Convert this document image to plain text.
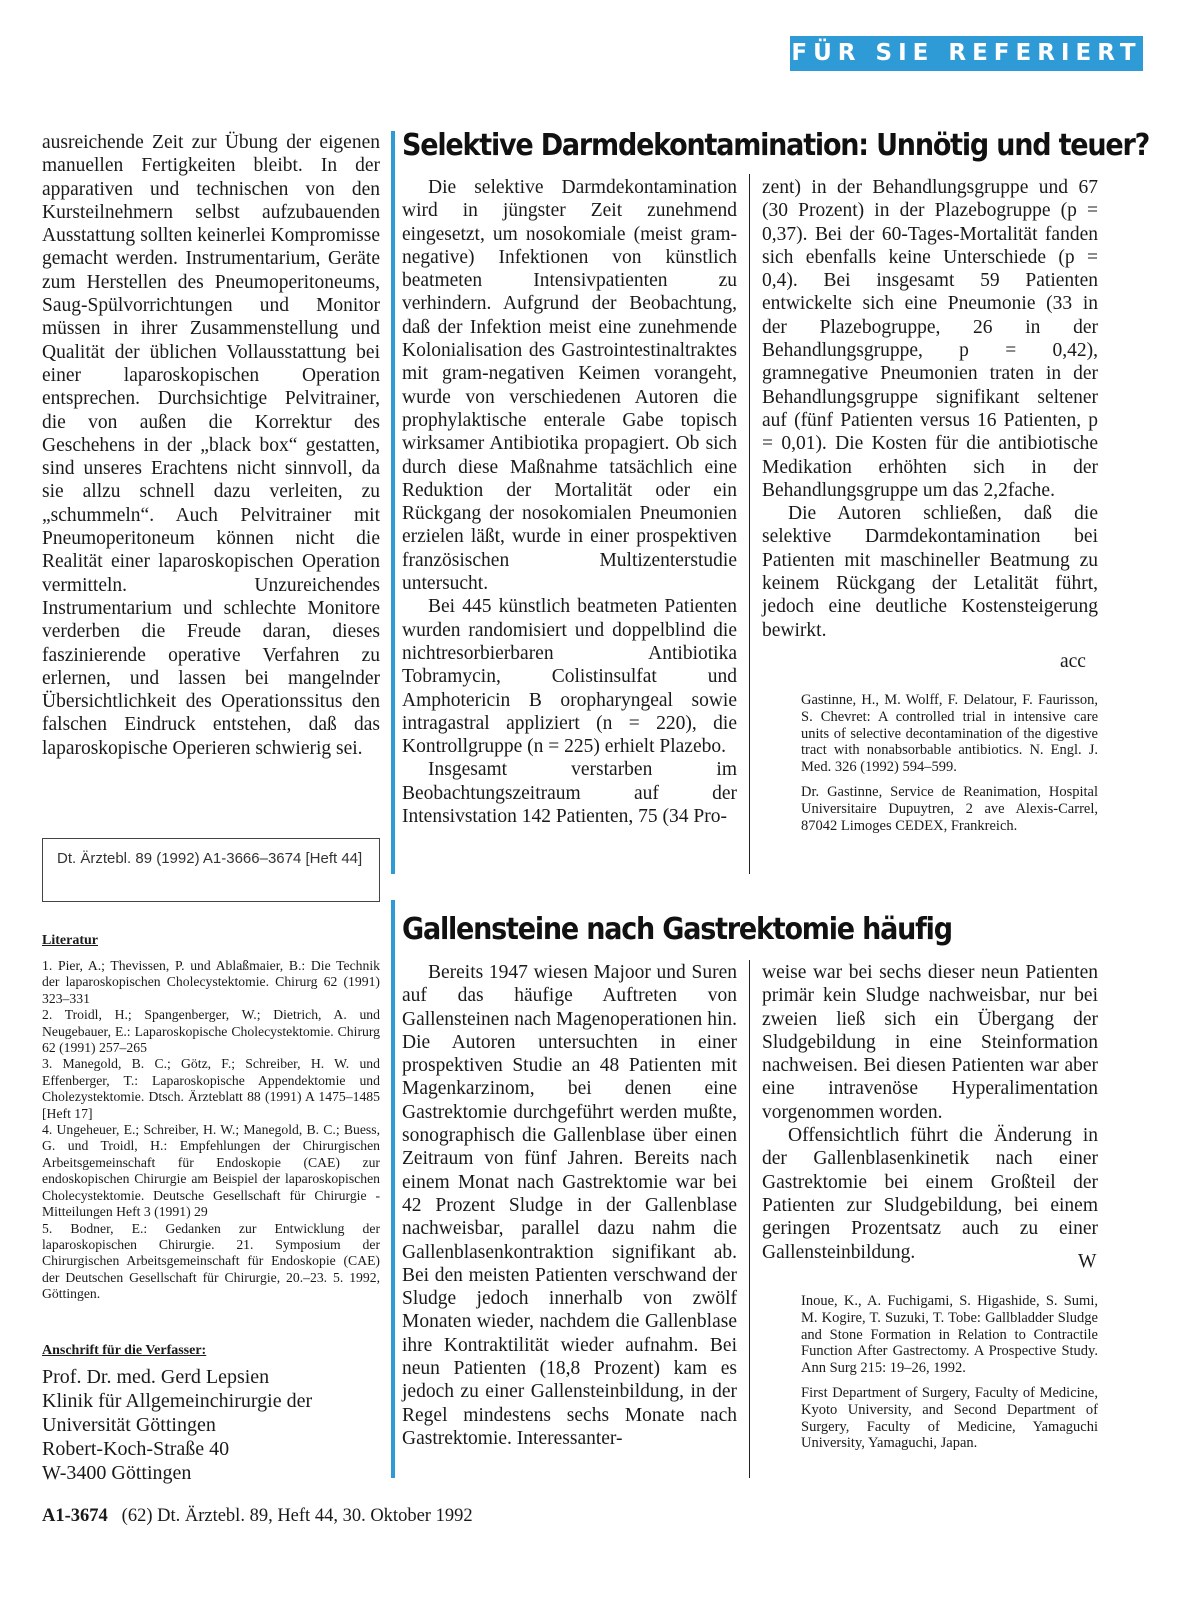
FÜR SIE REFERIERT

ausreichende Zeit zur Übung der eigenen manuellen Fertigkeiten bleibt. In der apparativen und technischen von den Kursteilnehmern selbst aufzubauenden Ausstattung sollten keinerlei Kompromisse gemacht werden. Instrumentarium, Geräte zum Herstellen des Pneumoperitoneums, Saug-Spülvorrichtungen und Monitor müssen in ihrer Zusammenstellung und Qualität der üblichen Vollausstattung bei einer laparoskopischen Operation entsprechen. Durchsichtige Pelvitrainer, die von außen die Korrektur des Geschehens in der „black box“ gestatten, sind unseres Erachtens nicht sinnvoll, da sie allzu schnell dazu verleiten, zu „schummeln“. Auch Pelvitrainer mit Pneumoperitoneum können nicht die Realität einer laparoskopischen Operation vermitteln. Unzureichendes Instrumentarium und schlechte Monitore verderben die Freude daran, dieses faszinierende operative Verfahren zu erlernen, und lassen bei mangelnder Übersichtlichkeit des Operationssitus den falschen Eindruck entstehen, daß das laparoskopische Operieren schwierig sei.

Dt. Ärztebl. 89 (1992) A1-3666–3674 [Heft 44]
Literatur

1. Pier, A.; Thevissen, P. und Ablaßmaier, B.: Die Technik der laparoskopischen Cholecystektomie. Chirurg 62 (1991) 323–331

2. Troidl, H.; Spangenberger, W.; Dietrich, A. und Neugebauer, E.: Laparoskopische Cholecystektomie. Chirurg 62 (1991) 257–265

3. Manegold, B. C.; Götz, F.; Schreiber, H. W. und Effenberger, T.: Laparoskopische Appendektomie und Cholezystektomie. Dtsch. Ärzteblatt 88 (1991) A 1475–1485 [Heft 17]

4. Ungeheuer, E.; Schreiber, H. W.; Manegold, B. C.; Buess, G. und Troidl, H.: Empfehlungen der Chirurgischen Arbeitsgemeinschaft für Endoskopie (CAE) zur endoskopischen Chirurgie am Beispiel der laparoskopischen Cholecystektomie. Deutsche Gesellschaft für Chirurgie - Mitteilungen Heft 3 (1991) 29

5. Bodner, E.: Gedanken zur Entwicklung der laparoskopischen Chirurgie. 21. Symposium der Chirurgischen Arbeitsgemeinschaft für Endoskopie (CAE) der Deutschen Gesellschaft für Chirurgie, 20.–23. 5. 1992, Göttingen.

Anschrift für die Verfasser:
Prof. Dr. med. Gerd Lepsien
Klinik für Allgemeinchirurgie der
Universität Göttingen
Robert-Koch-Straße 40
W-3400 Göttingen
Selektive Darmdekontamination: Unnötig und teuer?

Die selektive Darmdekontamination wird in jüngster Zeit zunehmend eingesetzt, um nosokomiale (meist gram-negative) Infektionen von künstlich beatmeten Intensivpatienten zu verhindern. Aufgrund der Beobachtung, daß der Infektion meist eine zunehmende Kolonialisation des Gastrointestinaltraktes mit gram-negativen Keimen vorangeht, wurde von verschiedenen Autoren die prophylaktische enterale Gabe topisch wirksamer Antibiotika propagiert. Ob sich durch diese Maßnahme tatsächlich eine Reduktion der Mortalität oder ein Rückgang der nosokomialen Pneumonien erzielen läßt, wurde in einer prospektiven französischen Multizenterstudie untersucht.

Bei 445 künstlich beatmeten Patienten wurden randomisiert und doppelblind die nichtresorbierbaren Antibiotika Tobramycin, Colistinsulfat und Amphotericin B oropharyngeal sowie intragastral appliziert (n = 220), die Kontrollgruppe (n = 225) erhielt Plazebo.

Insgesamt verstarben im Beobachtungszeitraum auf der Intensivstation 142 Patienten, 75 (34 Pro-

zent) in der Behandlungsgruppe und 67 (30 Prozent) in der Plazebogruppe (p = 0,37). Bei der 60-Tages-Mortalität fanden sich ebenfalls keine Unterschiede (p = 0,4). Bei insgesamt 59 Patienten entwickelte sich eine Pneumonie (33 in der Plazebogruppe, 26 in der Behandlungsgruppe, p = 0,42), gramnegative Pneumonien traten in der Behandlungsgruppe signifikant seltener auf (fünf Patienten versus 16 Patienten, p = 0,01). Die Kosten für die antibiotische Medikation erhöhten sich in der Behandlungsgruppe um das 2,2fache.

Die Autoren schließen, daß die selektive Darmdekontamination bei Patienten mit maschineller Beatmung zu keinem Rückgang der Letalität führt, jedoch eine deutliche Kostensteigerung bewirkt.

acc

Gastinne, H., M. Wolff, F. Delatour, F. Faurisson, S. Chevret: A controlled trial in intensive care units of selective decontamination of the digestive tract with nonabsorbable antibiotics. N. Engl. J. Med. 326 (1992) 594–599.

Dr. Gastinne, Service de Reanimation, Hospital Universitaire Dupuytren, 2 ave Alexis-Carrel, 87042 Limoges CEDEX, Frankreich.

Gallensteine nach Gastrektomie häufig

Bereits 1947 wiesen Majoor und Suren auf das häufige Auftreten von Gallensteinen nach Magenoperationen hin. Die Autoren untersuchten in einer prospektiven Studie an 48 Patienten mit Magenkarzinom, bei denen eine Gastrektomie durchgeführt werden mußte, sonographisch die Gallenblase über einen Zeitraum von fünf Jahren. Bereits nach einem Monat nach Gastrektomie war bei 42 Prozent Sludge in der Gallenblase nachweisbar, parallel dazu nahm die Gallenblasenkontraktion signifikant ab. Bei den meisten Patienten verschwand der Sludge jedoch innerhalb von zwölf Monaten wieder, nachdem die Gallenblase ihre Kontraktilität wieder aufnahm. Bei neun Patienten (18,8 Prozent) kam es jedoch zu einer Gallensteinbildung, in der Regel mindestens sechs Monate nach Gastrektomie. Interessanter-

weise war bei sechs dieser neun Patienten primär kein Sludge nachweisbar, nur bei zweien ließ sich ein Übergang der Sludgebildung in eine Steinformation nachweisen. Bei diesen Patienten war aber eine intravenöse Hyperalimentation vorgenommen worden.

Offensichtlich führt die Änderung in der Gallenblasenkinetik nach einer Gastrektomie bei einem Großteil der Patienten zur Sludgebildung, bei einem geringen Prozentsatz auch zu einer Gallensteinbildung.	W

Inoue, K., A. Fuchigami, S. Higashide, S. Sumi, M. Kogire, T. Suzuki, T. Tobe: Gallbladder Sludge and Stone Formation in Relation to Contractile Function After Gastrectomy. A Prospective Study. Ann Surg 215: 19–26, 1992.

First Department of Surgery, Faculty of Medicine, Kyoto University, and Second Department of Surgery, Faculty of Medicine, Yamaguchi University, Yamaguchi, Japan.

A1-3674 (62) Dt. Ärztebl. 89, Heft 44, 30. Oktober 1992
